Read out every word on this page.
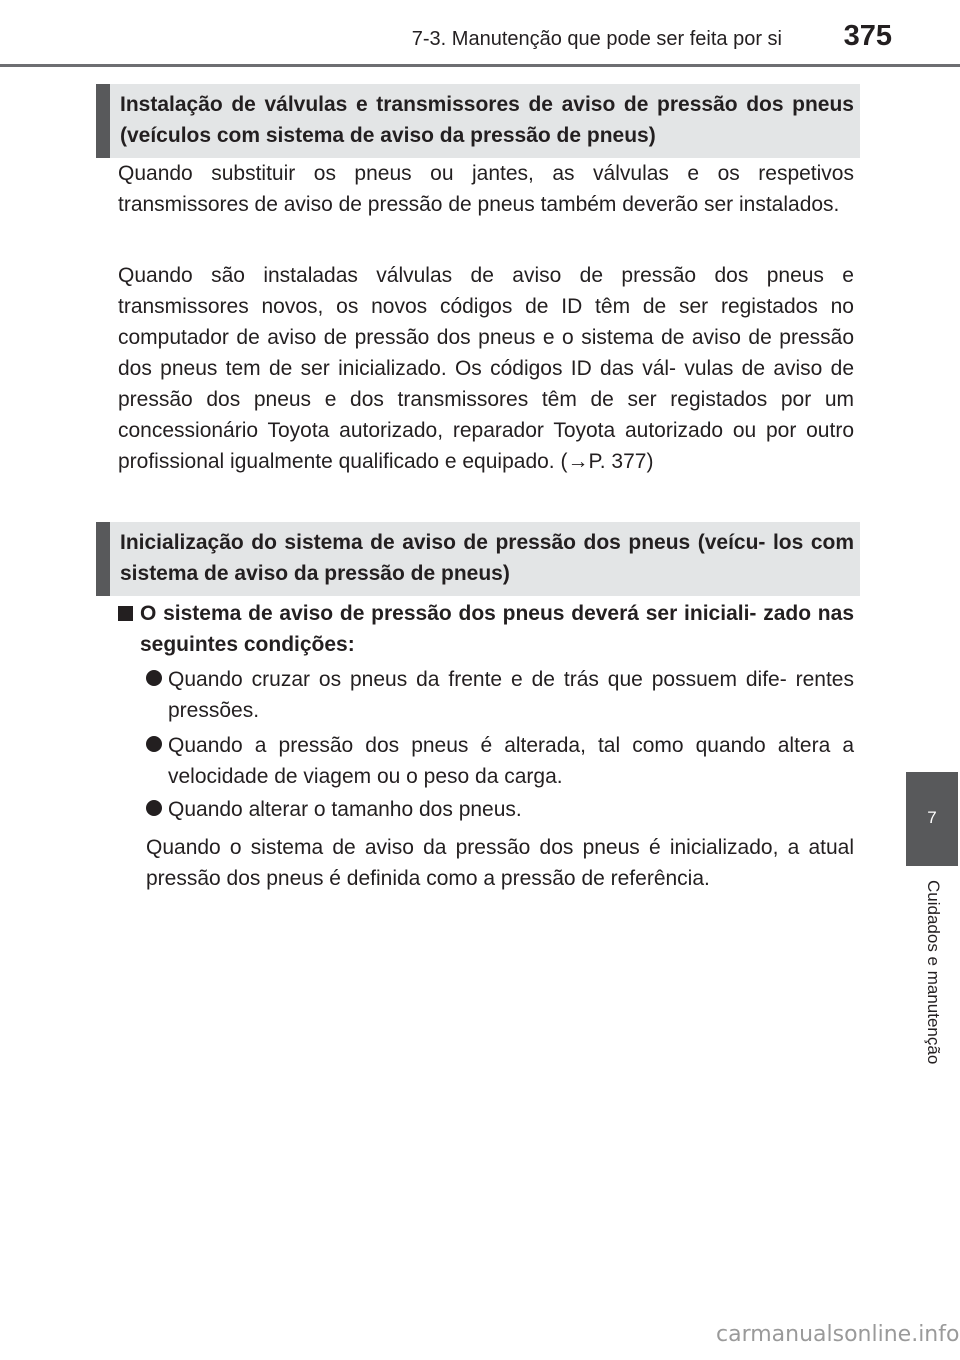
7-3. Manutenção que pode ser feita por si	375
Instalação de válvulas e transmissores de aviso de pressão dos pneus (veículos com sistema de aviso da pressão de pneus)

Quando substituir os pneus ou jantes, as válvulas e os respetivos transmissores de aviso de pressão de pneus também deverão ser instalados.

Quando são instaladas válvulas de aviso de pressão dos pneus e transmissores novos, os novos códigos de ID têm de ser registados no computador de aviso de pressão dos pneus e o sistema de aviso de pressão dos pneus tem de ser inicializado. Os códigos ID das vál- vulas de aviso de pressão dos pneus e dos transmissores têm de ser registados por um concessionário Toyota autorizado, reparador Toyota autorizado ou por outro profissional igualmente qualificado e equipado. (→P. 377)

Inicialização do sistema de aviso de pressão dos pneus (veícu- los com sistema de aviso da pressão de pneus)
O sistema de aviso de pressão dos pneus deverá ser iniciali- zado nas seguintes condições:
Quando cruzar os pneus da frente e de trás que possuem dife- rentes pressões.
Quando a pressão dos pneus é alterada, tal como quando altera a velocidade de viagem ou o peso da carga.
Quando alterar o tamanho dos pneus.

Quando o sistema de aviso da pressão dos pneus é inicializado, a atual pressão dos pneus é definida como a pressão de referência.

7
Cuidados e manutenção
carmanualsonline.info
